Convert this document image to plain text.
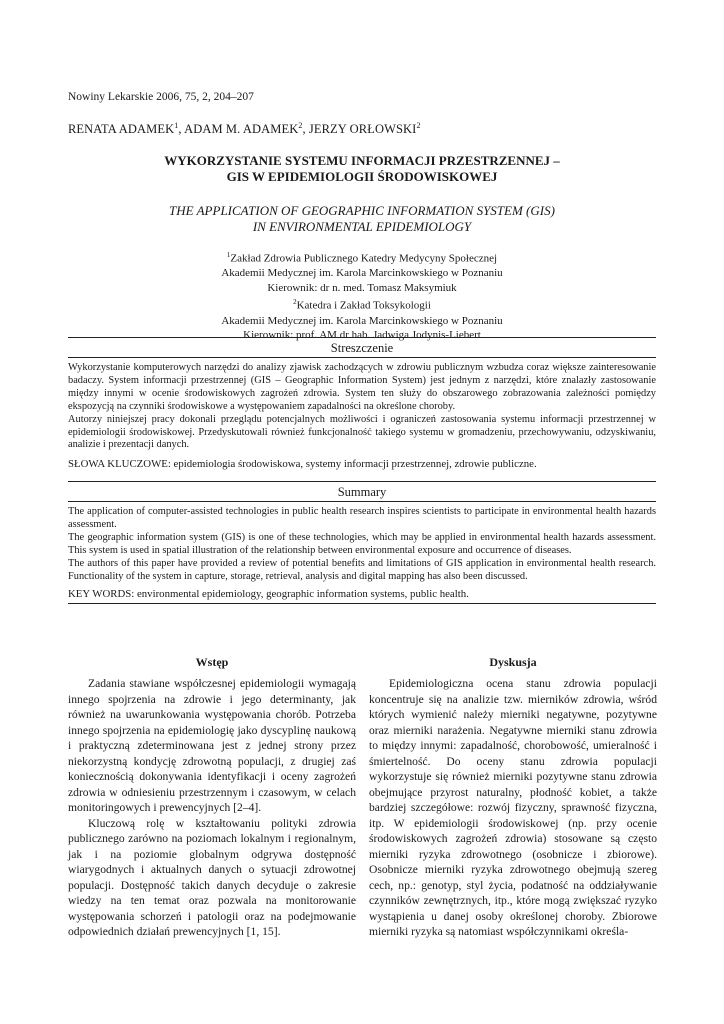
Nowiny Lekarskie 2006, 75, 2, 204–207
RENATA ADAMEK$^1$, ADAM M. ADAMEK$^2$, JERZY ORŁOWSKI$^2$
WYKORZYSTANIE SYSTEMU INFORMACJI PRZESTRZENNEJ –
GIS W EPIDEMIOLOGII ŚRODOWISKOWEJ
THE APPLICATION OF GEOGRAPHIC INFORMATION SYSTEM (GIS)
IN ENVIRONMENTAL EPIDEMIOLOGY
$^1$Zakład Zdrowia Publicznego Katedry Medycyny Społecznej
Akademii Medycznej im. Karola Marcinkowskiego w Poznaniu
Kierownik: dr n. med. Tomasz Maksymiuk
$^2$Katedra i Zakład Toksykologii
Akademii Medycznej im. Karola Marcinkowskiego w Poznaniu
Kierownik: prof. AM dr hab. Jadwiga Jodynis-Liebert
Streszczenie

Wykorzystanie komputerowych narzędzi do analizy zjawisk zachodzących w zdrowiu publicznym wzbudza coraz większe zainteresowanie badaczy. System informacji przestrzennej (GIS – Geographic Information System) jest jednym z narzędzi, które znalazły zastosowanie między innymi w ocenie środowiskowych zagrożeń zdrowia. System ten służy do obszarowego zobrazowania zależności pomiędzy ekspozycją na czynniki środowiskowe a występowaniem zapadalności na określone choroby.

Autorzy niniejszej pracy dokonali przeglądu potencjalnych możliwości i ograniczeń zastosowania systemu informacji przestrzennej w epidemiologii środowiskowej. Przedyskutowali również funkcjonalność takiego systemu w gromadzeniu, przechowywaniu, odzyskiwaniu, analizie i prezentacji danych.

SŁOWA KLUCZOWE: epidemiologia środowiskowa, systemy informacji przestrzennej, zdrowie publiczne.
Summary

The application of computer-assisted technologies in public health research inspires scientists to participate in environmental health hazards assessment.

The geographic information system (GIS) is one of these technologies, which may be applied in environmental health hazards assessment. This system is used in spatial illustration of the relationship between environmental exposure and occurrence of diseases.

The authors of this paper have provided a review of potential benefits and limitations of GIS application in environmental health research. Functionality of the system in capture, storage, retrieval, analysis and digital mapping has also been discussed.

KEY WORDS: environmental epidemiology, geographic information systems, public health.
Wstęp

Zadania stawiane współczesnej epidemiologii wymagają innego spojrzenia na zdrowie i jego determinanty, jak również na uwarunkowania występowania chorób. Potrzeba innego spojrzenia na epidemiologię jako dyscyplinę naukową i praktyczną zdeterminowana jest z jednej strony przez niekorzystną kondycję zdrowotną populacji, z drugiej zaś koniecznością dokonywania identyfikacji i oceny zagrożeń zdrowia w odniesieniu przestrzennym i czasowym, w celach monitoringowych i prewencyjnych [2–4].

Kluczową rolę w kształtowaniu polityki zdrowia publicznego zarówno na poziomach lokalnym i regionalnym, jak i na poziomie globalnym odgrywa dostępność wiarygodnych i aktualnych danych o sytuacji zdrowotnej populacji. Dostępność takich danych decyduje o zakresie wiedzy na ten temat oraz pozwala na monitorowanie występowania schorzeń i patologii oraz na podejmowanie odpowiednich działań prewencyjnych [1, 15].

Dyskusja

Epidemiologiczna ocena stanu zdrowia populacji koncentruje się na analizie tzw. mierników zdrowia, wśród których wymienić należy mierniki negatywne, pozytywne oraz mierniki narażenia. Negatywne mierniki stanu zdrowia to między innymi: zapadalność, chorobowość, umieralność i śmiertelność. Do oceny stanu zdrowia populacji wykorzystuje się również mierniki pozytywne stanu zdrowia obejmujące przyrost naturalny, płodność kobiet, a także bardziej szczegółowe: rozwój fizyczny, sprawność fizyczna, itp. W epidemiologii środowiskowej (np. przy ocenie środowiskowych zagrożeń zdrowia) stosowane są często mierniki ryzyka zdrowotnego (osobnicze i zbiorowe). Osobnicze mierniki ryzyka zdrowotnego obejmują szereg cech, np.: genotyp, styl życia, podatność na oddziaływanie czynników zewnętrznych, itp., które mogą zwiększać ryzyko wystąpienia u danej osoby określonej choroby. Zbiorowe mierniki ryzyka są natomiast współczynnikami określa-
